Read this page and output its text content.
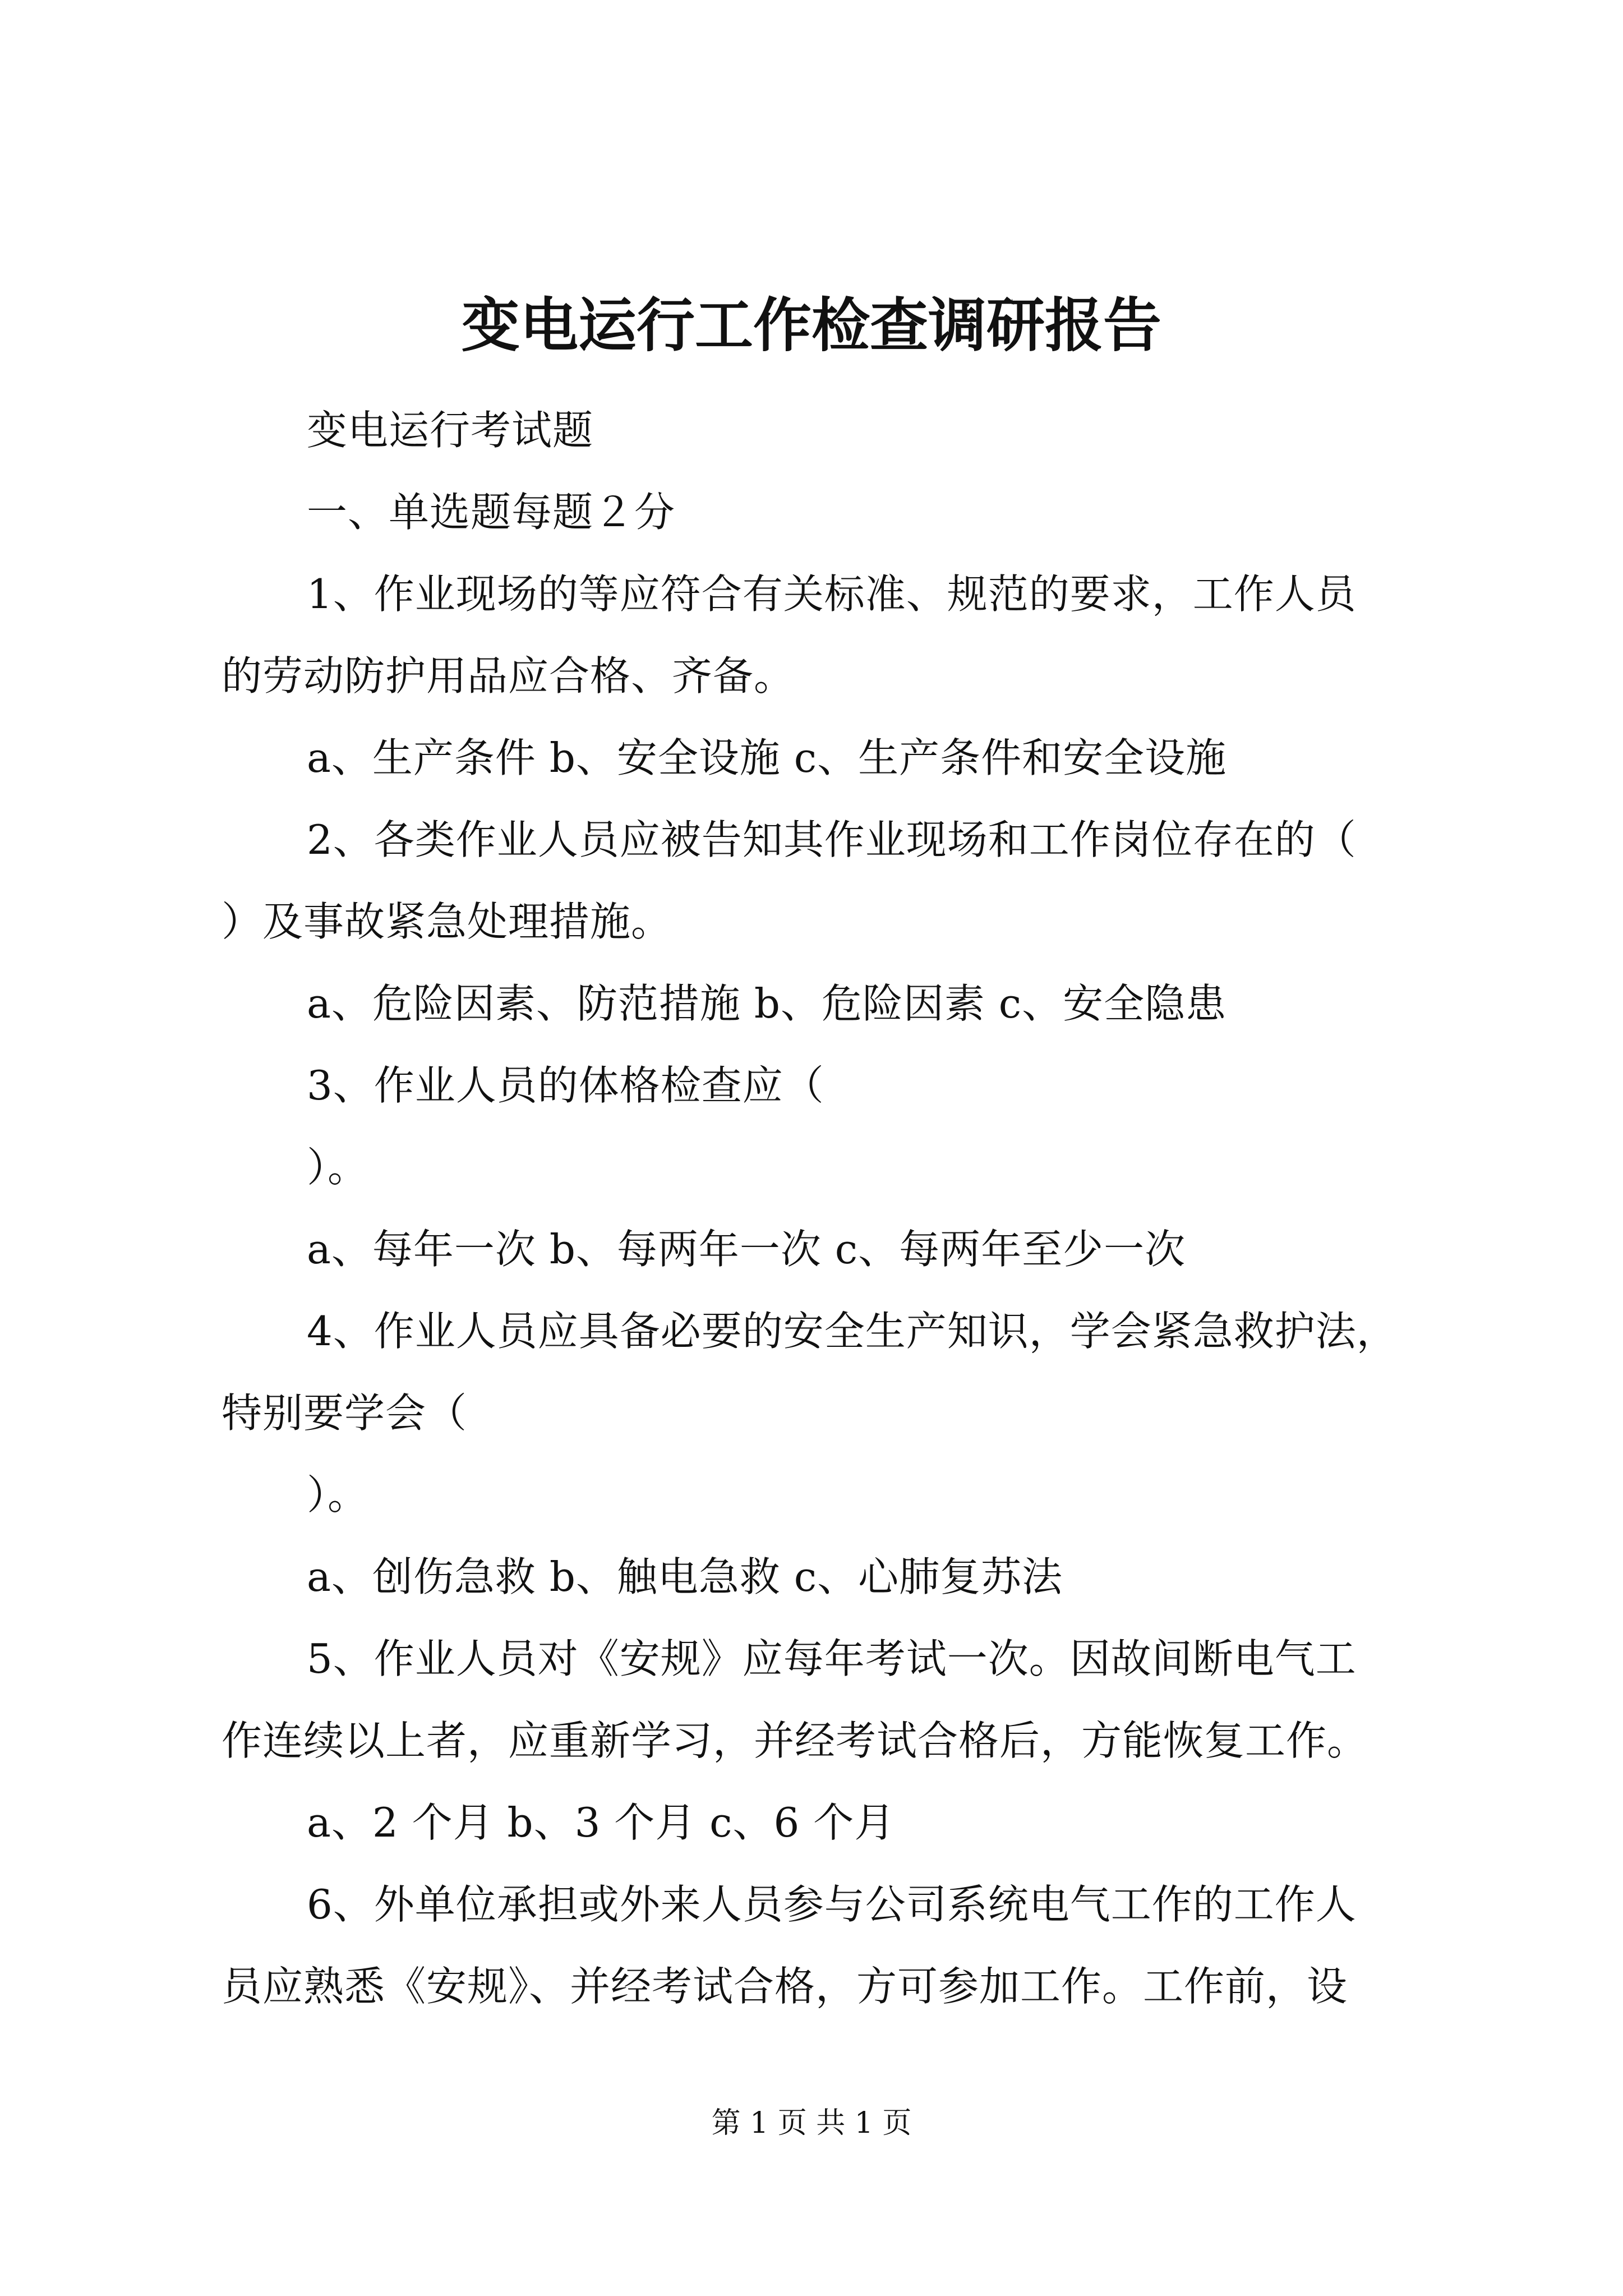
变电运行工作检查调研报告
变电运行考试题
一、单选题每题２分
1、作业现场的等应符合有关标准、规范的要求，工作人员
的劳动防护用品应合格、齐备。
a、生产条件 b、安全设施 c、生产条件和安全设施
2、各类作业人员应被告知其作业现场和工作岗位存在的（
）及事故紧急处理措施。
a、危险因素、防范措施 b、危险因素 c、安全隐患
3、作业人员的体格检查应（
）。
a、每年一次 b、每两年一次 c、每两年至少一次
4、作业人员应具备必要的安全生产知识，学会紧急救护法，
特别要学会（
）。
a、创伤急救 b、触电急救 c、心肺复苏法
5、作业人员对《安规》应每年考试一次。因故间断电气工
作连续以上者，应重新学习，并经考试合格后，方能恢复工作。
a、2 个月 b、3 个月 c、6 个月
6、外单位承担或外来人员参与公司系统电气工作的工作人
员应熟悉《安规》、并经考试合格，方可参加工作。工作前，设
第 1 页 共 1 页
